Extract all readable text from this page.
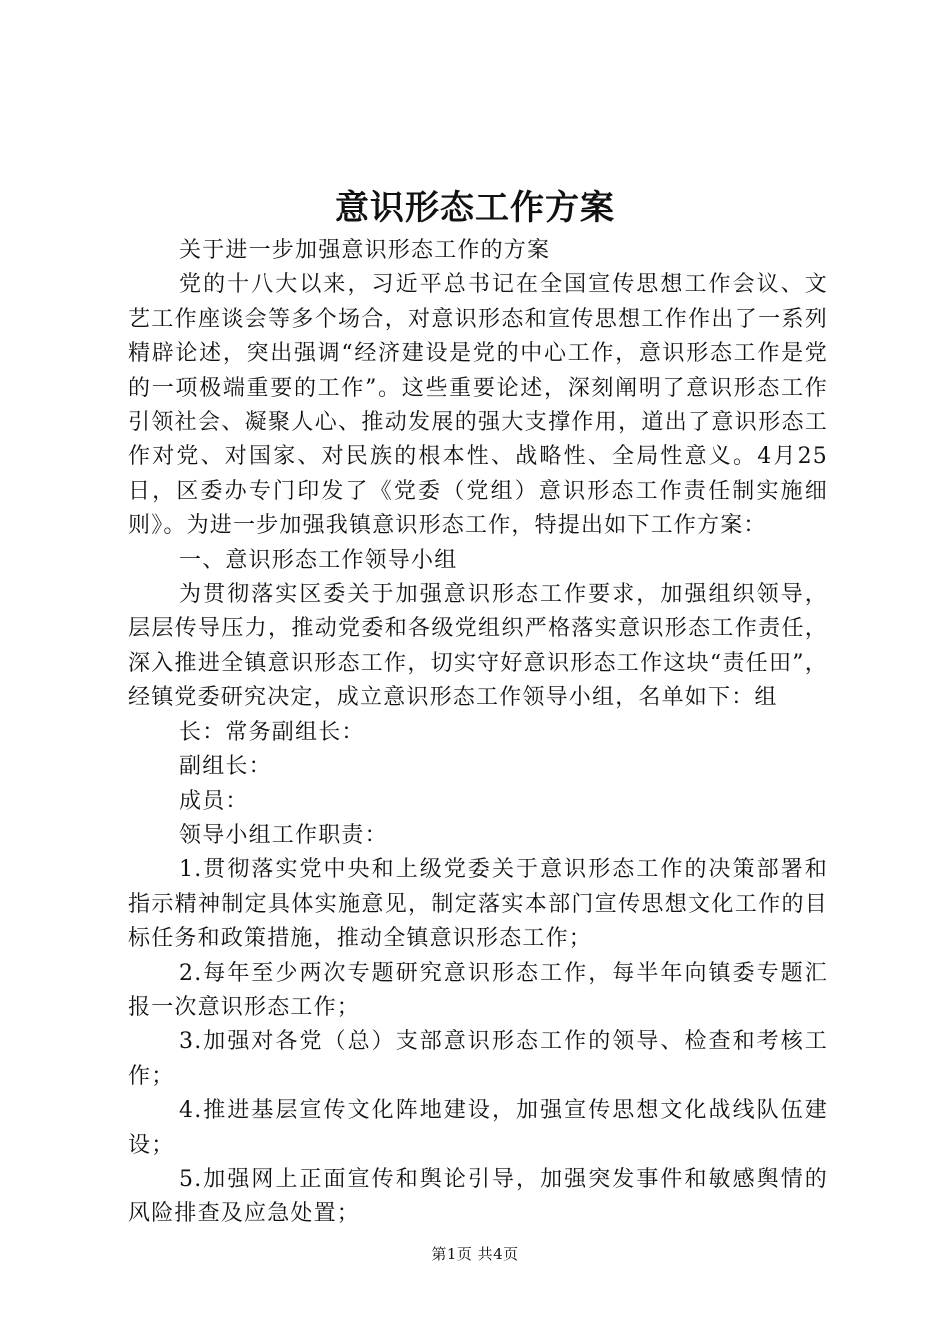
意识形态工作方案

关于进一步加强意识形态工作的方案

党的十八大以来，习近平总书记在全国宣传思想工作会议、文艺工作座谈会等多个场合，对意识形态和宣传思想工作作出了一系列精辟论述，突出强调“经济建设是党的中心工作，意识形态工作是党的一项极端重要的工作”。这些重要论述，深刻阐明了意识形态工作引领社会、凝聚人心、推动发展的强大支撑作用，道出了意识形态工作对党、对国家、对民族的根本性、战略性、全局性意义。4月25日，区委办专门印发了《党委（党组）意识形态工作责任制实施细则》。为进一步加强我镇意识形态工作，特提出如下工作方案：

一、意识形态工作领导小组

为贯彻落实区委关于加强意识形态工作要求，加强组织领导，层层传导压力，推动党委和各级党组织严格落实意识形态工作责任，深入推进全镇意识形态工作，切实守好意识形态工作这块“责任田”，经镇党委研究决定，成立意识形态工作领导小组，名单如下：组

长：常务副组长：

副组长：

成员：

领导小组工作职责：

1.贯彻落实党中央和上级党委关于意识形态工作的决策部署和指示精神制定具体实施意见，制定落实本部门宣传思想文化工作的目标任务和政策措施，推动全镇意识形态工作；

2.每年至少两次专题研究意识形态工作，每半年向镇委专题汇报一次意识形态工作；

3.加强对各党（总）支部意识形态工作的领导、检查和考核工作；

4.推进基层宣传文化阵地建设，加强宣传思想文化战线队伍建设；

5.加强网上正面宣传和舆论引导，加强突发事件和敏感舆情的风险排查及应急处置；

第1页 共4页
